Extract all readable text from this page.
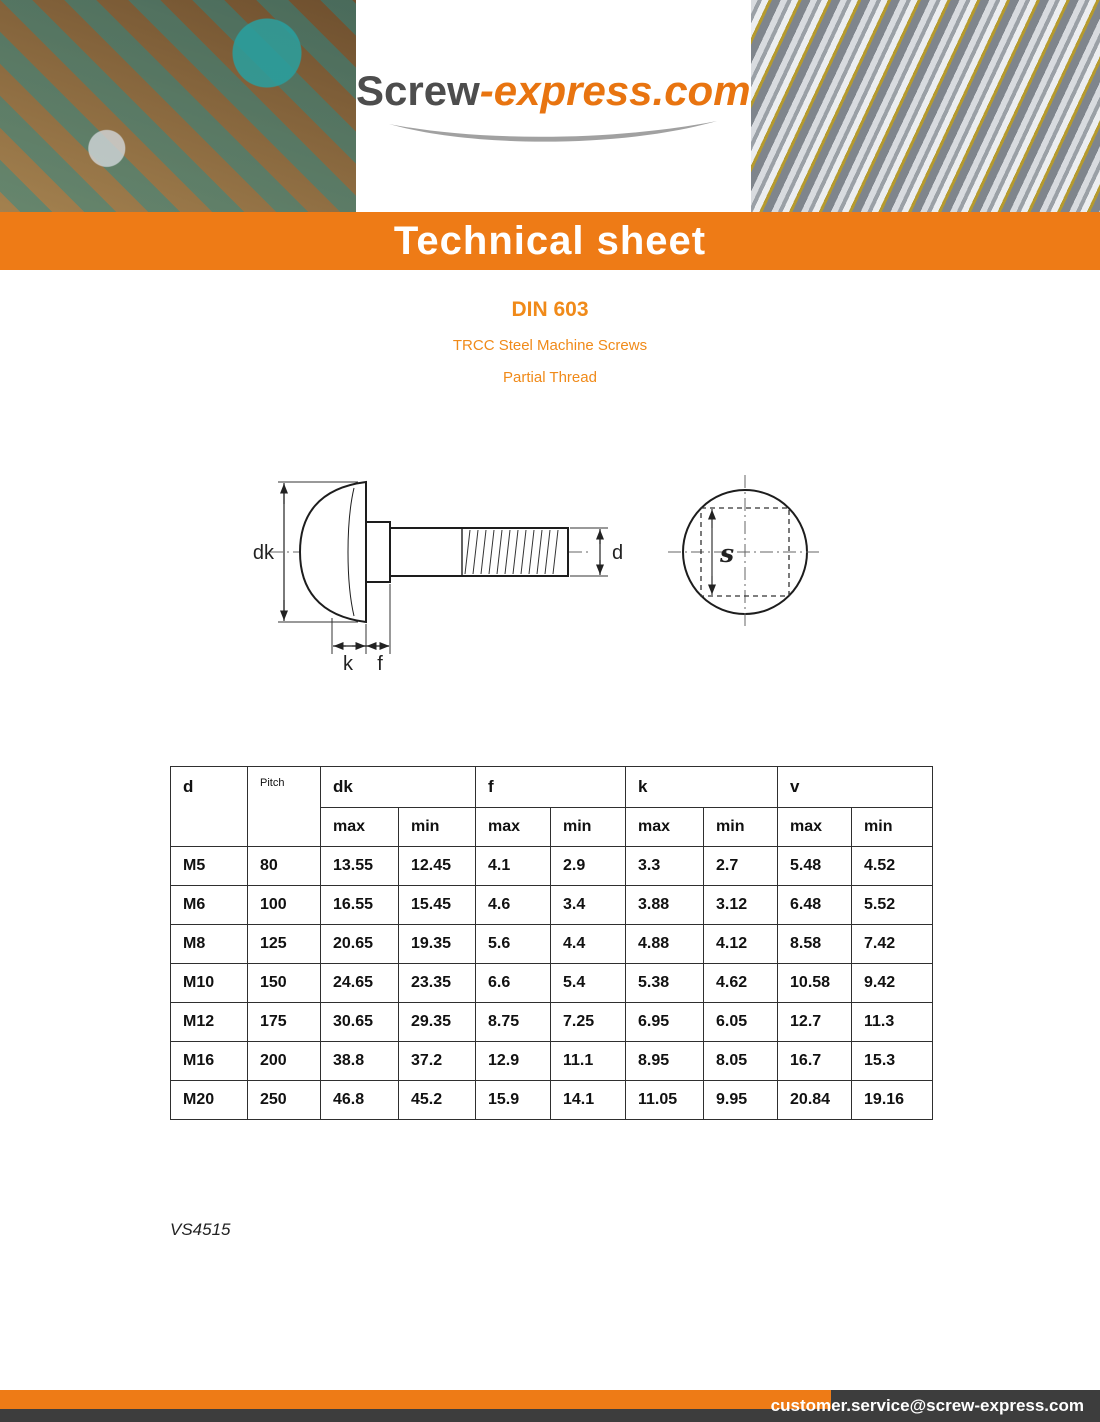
Screw-express.com
Technical sheet
DIN 603
TRCC Steel Machine Screws
Partial Thread
dk	d
k f
s
d	Pitch	dk		f		k		v	
		max	min	max	min	max	min	max	min
M5	80	13.55	12.45	4.1	2.9	3.3	2.7	5.48	4.52
M6	100	16.55	15.45	4.6	3.4	3.88	3.12	6.48	5.52
M8	125	20.65	19.35	5.6	4.4	4.88	4.12	8.58	7.42
M10	150	24.65	23.35	6.6	5.4	5.38	4.62	10.58	9.42
M12	175	30.65	29.35	8.75	7.25	6.95	6.05	12.7	11.3
M16	200	38.8	37.2	12.9	11.1	8.95	8.05	16.7	15.3
M20	250	46.8	45.2	15.9	14.1	11.05	9.95	20.84	19.16
VS4515
customer.service@screw-express.com
